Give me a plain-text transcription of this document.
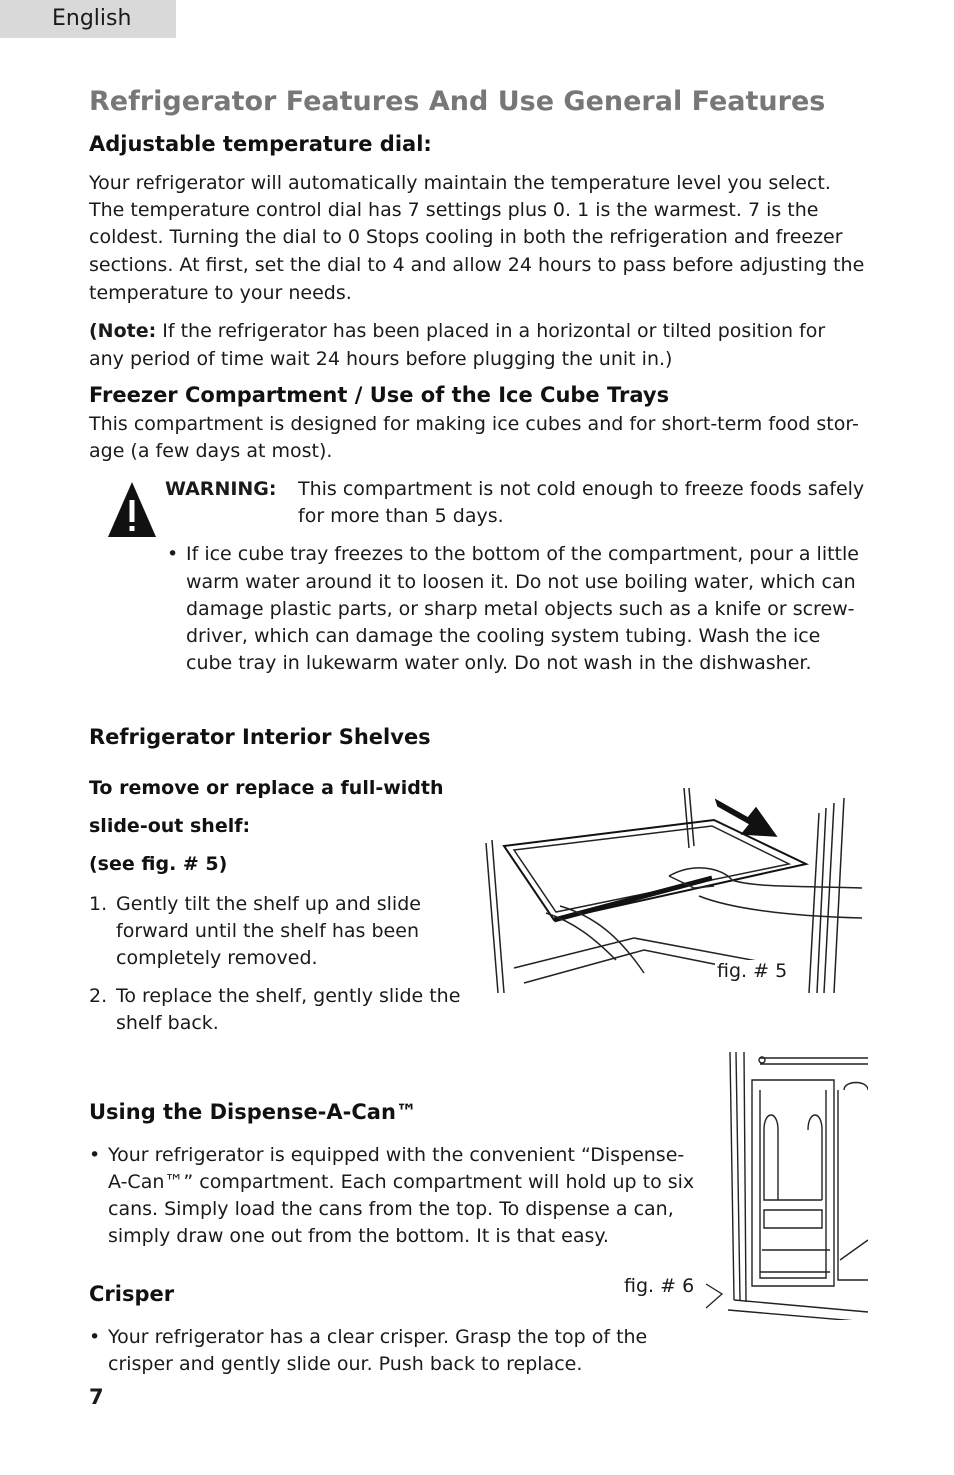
English
Refrigerator Features And Use General Features
Adjustable temperature dial:
Your refrigerator will automatically maintain the temperature level you select.
The temperature control dial has 7 settings plus 0. 1 is the warmest. 7 is the
coldest. Turning the dial to 0 Stops cooling in both the refrigeration and freezer
sections. At first, set the dial to 4 and allow 24 hours to pass before adjusting the
temperature to your needs.
(Note: If the refrigerator has been placed in a horizontal or tilted position for
any period of time wait 24 hours before plugging the unit in.)
Freezer Compartment / Use of the Ice Cube Trays
This compartment is designed for making ice cubes and for short-term food stor-
age (a few days at most).
WARNING: This compartment is not cold enough to freeze foods safely
for more than 5 days.
• If ice cube tray freezes to the bottom of the compartment, pour a little
warm water around it to loosen it. Do not use boiling water, which can
damage plastic parts, or sharp metal objects such as a knife or screw-
driver, which can damage the cooling system tubing. Wash the ice
cube tray in lukewarm water only. Do not wash in the dishwasher.
Refrigerator Interior Shelves
To remove or replace a full-width
slide-out shelf:
(see fig. # 5)
1. Gently tilt the shelf up and slide
forward until the shelf has been
completely removed.
2. To replace the shelf, gently slide the
shelf back.
fig. # 5
fig. # 6
Using the Dispense-A-Can™
• Your refrigerator is equipped with the convenient “Dispense-
A-Can™” compartment. Each compartment will hold up to six
cans. Simply load the cans from the top. To dispense a can,
simply draw one out from the bottom. It is that easy.
Crisper
• Your refrigerator has a clear crisper. Grasp the top of the
crisper and gently slide our. Push back to replace.
7
